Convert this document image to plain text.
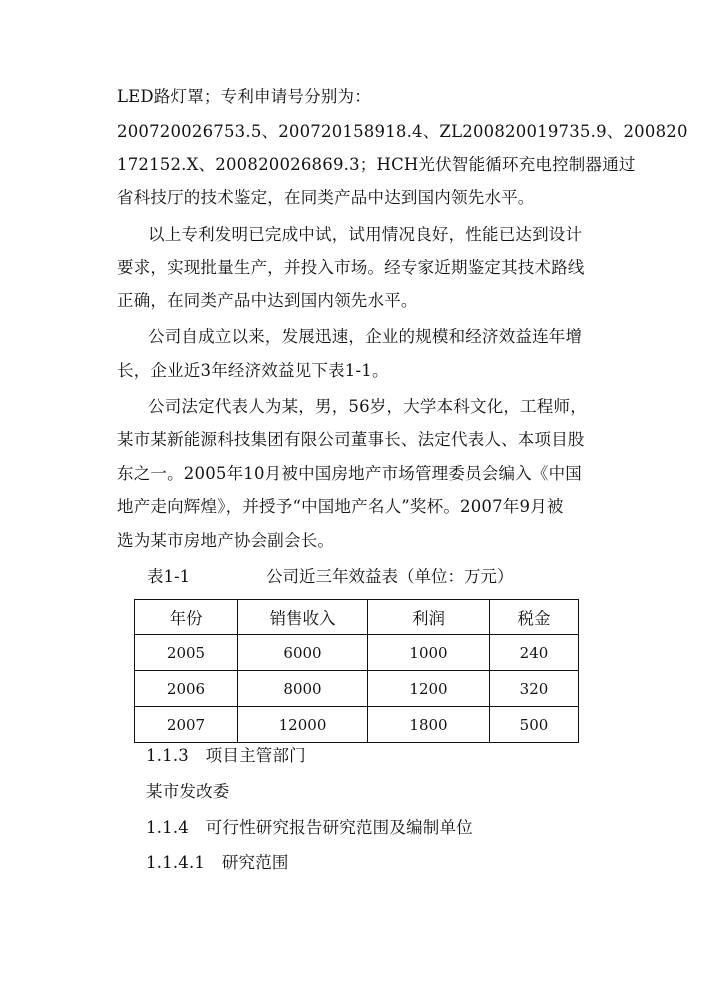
LED路灯罩；专利申请号分别为：
200720026753.5、200720158918.4、ZL200820019735.9、200820
172152.X、200820026869.3；HCH光伏智能循环充电控制器通过
省科技厅的技术鉴定，在同类产品中达到国内领先水平。
以上专利发明已完成中试，试用情况良好，性能已达到设计
要求，实现批量生产，并投入市场。经专家近期鉴定其技术路线
正确，在同类产品中达到国内领先水平。
公司自成立以来，发展迅速，企业的规模和经济效益连年增
长，企业近3年经济效益见下表1-1。
公司法定代表人为某，男，56岁，大学本科文化，工程师，
某市某新能源科技集团有限公司董事长、法定代表人、本项目股
东之一。2005年10月被中国房地产市场管理委员会编入《中国
地产走向辉煌》，并授予“中国地产名人”奖杯。2007年9月被
选为某市房地产协会副会长。
表1-1	公司近三年效益表（单位：万元）
年份	销售收入	利润	税金
2005	6000	1000	240
2006	8000	1200	320
2007	12000	1800	500
1.1.3　项目主管部门
某市发改委
1.1.4　可行性研究报告研究范围及编制单位
1.1.4.1　研究范围
